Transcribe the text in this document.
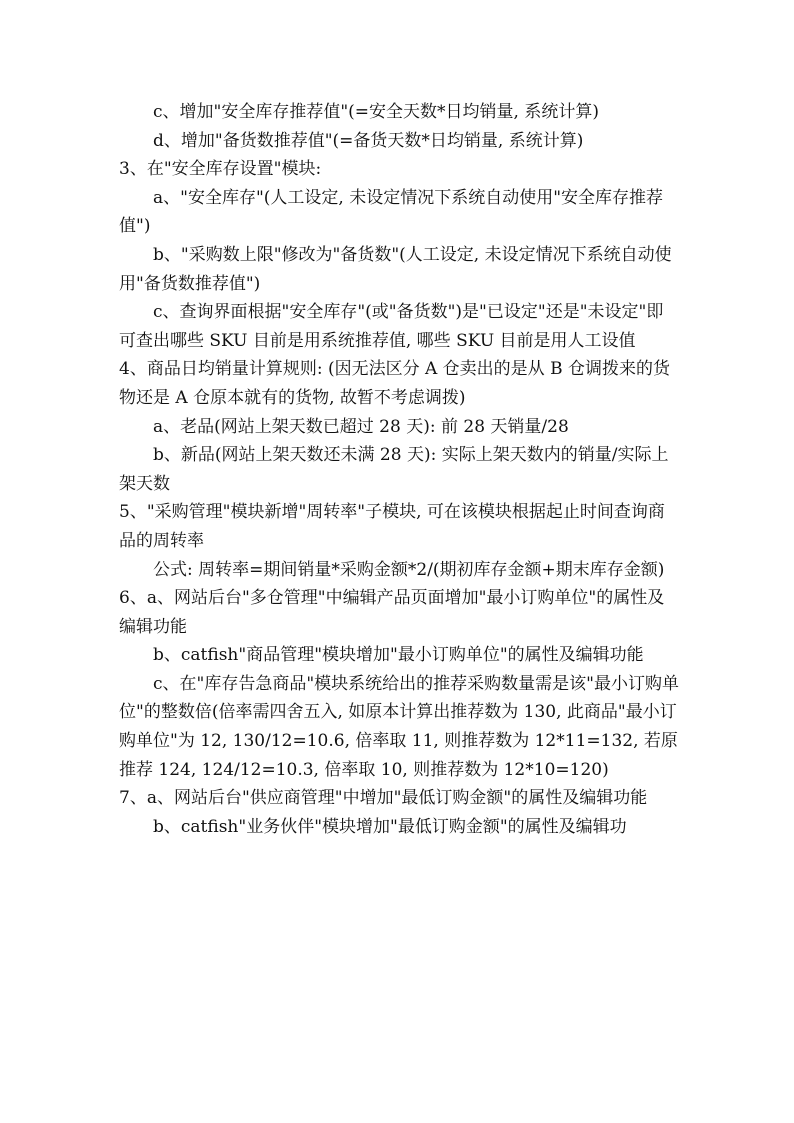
c、增加"安全库存推荐值"(=安全天数*日均销量, 系统计算)

d、增加"备货数推荐值"(=备货天数*日均销量, 系统计算)

3、在"安全库存设置"模块:

a、"安全库存"(人工设定, 未设定情况下系统自动使用"安全库存推荐值")

b、"采购数上限"修改为"备货数"(人工设定, 未设定情况下系统自动使用"备货数推荐值")

c、查询界面根据"安全库存"(或"备货数")是"已设定"还是"未设定"即可查出哪些 SKU 目前是用系统推荐值, 哪些 SKU 目前是用人工设值

4、商品日均销量计算规则: (因无法区分 A 仓卖出的是从 B 仓调拨来的货物还是 A 仓原本就有的货物, 故暂不考虑调拨)

a、老品(网站上架天数已超过 28 天): 前 28 天销量/28

b、新品(网站上架天数还未满 28 天): 实际上架天数内的销量/实际上架天数

5、"采购管理"模块新增"周转率"子模块, 可在该模块根据起止时间查询商品的周转率

公式: 周转率=期间销量*采购金额*2/(期初库存金额+期末库存金额)

6、a、网站后台"多仓管理"中编辑产品页面增加"最小订购单位"的属性及编辑功能

b、catfish"商品管理"模块增加"最小订购单位"的属性及编辑功能

c、在"库存告急商品"模块系统给出的推荐采购数量需是该"最小订购单位"的整数倍(倍率需四舍五入, 如原本计算出推荐数为 130, 此商品"最小订购单位"为 12, 130/12=10.6, 倍率取 11, 则推荐数为 12*11=132, 若原推荐 124, 124/12=10.3, 倍率取 10, 则推荐数为 12*10=120)

7、a、网站后台"供应商管理"中增加"最低订购金额"的属性及编辑功能

b、catfish"业务伙伴"模块增加"最低订购金额"的属性及编辑功
